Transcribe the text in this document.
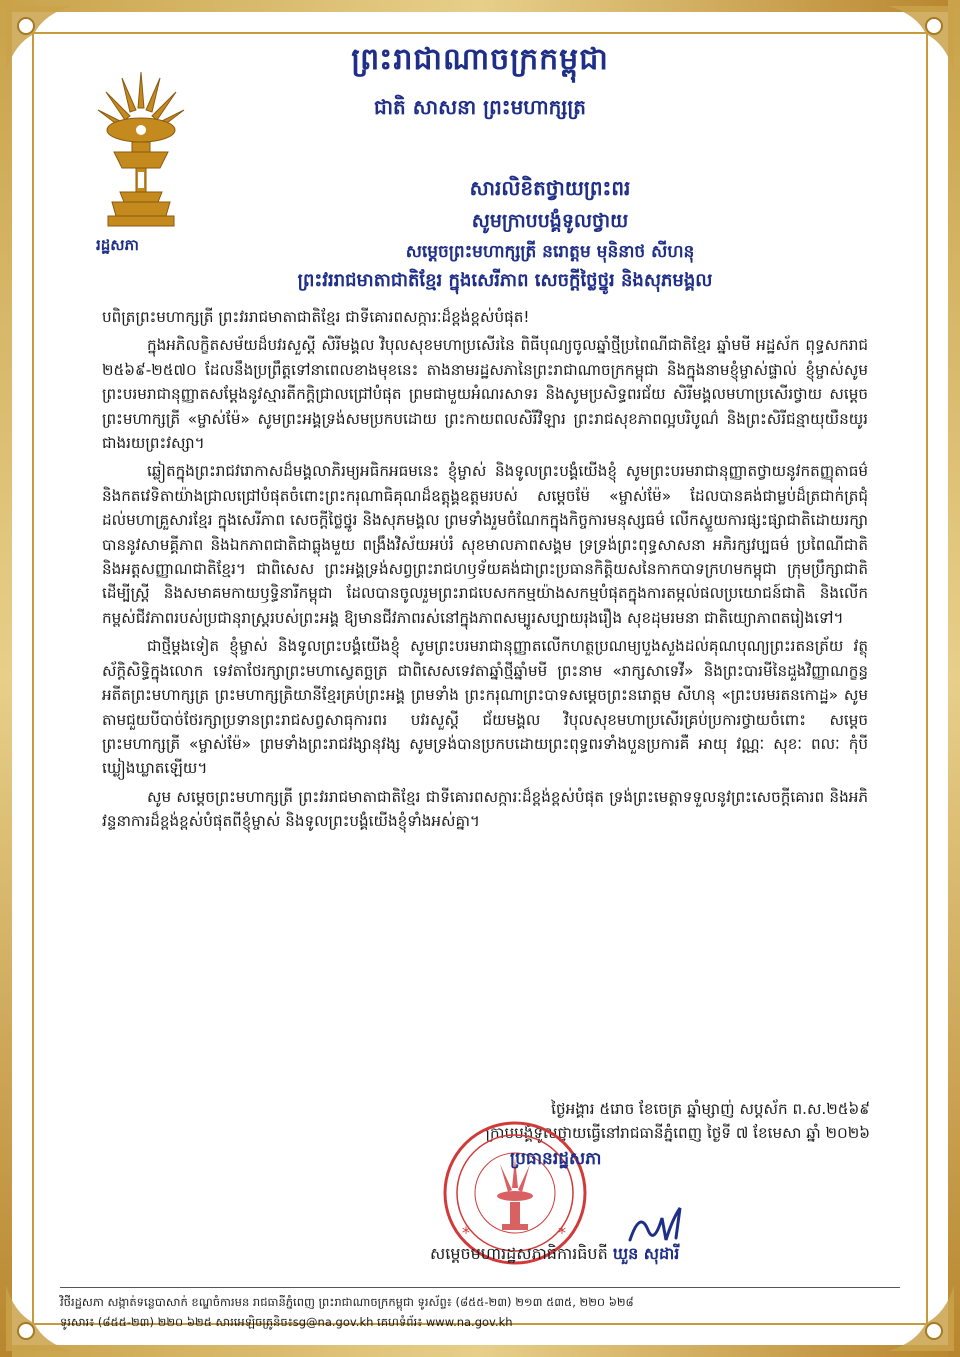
ព្រះរាជាណាចក្រកម្ពុជា
ជាតិ សាសនា ព្រះមហាក្សត្រ
រដ្ឋសភា
សារលិខិតថ្វាយព្រះពរ
សូមក្រាបបង្គំទូលថ្វាយ
សម្តេចព្រះមហាក្សត្រី នរោត្តម មុនិនាថ សីហនុ
ព្រះវររាជមាតាជាតិខ្មែរ ក្នុងសេរីភាព សេចក្តីថ្លៃថ្នូរ និងសុភមង្គល

បពិត្រព្រះមហាក្សត្រី ព្រះវររាជមាតាជាតិខ្មែរ ជាទីគោរពសក្ការៈដ៏ខ្ពង់ខ្ពស់បំផុត!

ក្នុងអភិលក្ខិតសម័យដ៏បវរសួស្តី សិរីមង្គល វិបុលសុខមហាប្រសើរនៃ ពិធីបុណ្យចូលឆ្នាំថ្មីប្រពៃណីជាតិខ្មែរ ឆ្នាំមមី អដ្ឋស័ក ពុទ្ធសករាជ ២៥៦៩-២៥៧០ ដែលនឹងប្រព្រឹត្តទៅនាពេលខាងមុខនេះ តាងនាមរដ្ឋសភានៃព្រះរាជាណាចក្រកម្ពុជា និងក្នុងនាមខ្ញុំម្ចាស់ផ្ទាល់ ខ្ញុំម្ចាស់សូមព្រះបរមរាជានុញ្ញាតសម្តែងនូវស្មារតីកក្តិជ្រាលជ្រៅបំផុត ព្រមជាមួយអំណរសាទរ និងសូមប្រសិទ្ធពរជ័យ សិរីមង្គលមហាប្រសើរថ្វាយ សម្តេចព្រះមហាក្សត្រី «ម្ចាស់ម៉ែ» សូមព្រះអង្គទ្រង់សមប្រកបដោយ ព្រះកាយពលសិរីវិឡារ ព្រះរាជសុខភាពល្អបរិបូណ៌ និងព្រះសិរីជន្មាយុយឺនយូរជាងរយព្រះវស្សា។

ឆ្លៀតក្នុងព្រះរាជវរោកាសដ៏មង្គលាភិរម្យអធិកអធមនេះ ខ្ញុំម្ចាស់ និងទូលព្រះបង្គំយើងខ្ញុំ សូមព្រះបរមរាជានុញ្ញាតថ្វាយនូវកតញ្ញុតាធម៌ និងកតវេទិតាយ៉ាងជ្រាលជ្រៅបំផុតចំពោះព្រះករុណាធិគុណដ៏ឧត្តុង្គឧត្តមរបស់ សម្តេចម៉ែ «ម្ចាស់ម៉ែ» ដែលបានគង់ជាម្លប់ដ៏ត្រជាក់ត្រជុំដល់មហាគ្រួសារខ្មែរ ក្នុងសេរីភាព សេចក្តីថ្លៃថ្នូរ និងសុភមង្គល ព្រមទាំងរួមចំណែកក្នុងកិច្ចការមនុស្សធម៌ លើកស្ទួយការផ្សះផ្សាជាតិដោយរក្សាបាននូវសាមគ្គីភាព និងឯកភាពជាតិជាធ្លុងមួយ ពង្រឹងវិស័យអប់រំ សុខមាលភាពសង្គម ទ្រទ្រង់ព្រះពុទ្ធសាសនា អភិរក្សវប្បធម៌ ប្រពៃណីជាតិ និងអត្តសញ្ញាណជាតិខ្មែរ។ ជាពិសេស ព្រះអង្គទ្រង់សព្វព្រះរាជហឫទ័យគង់ជាព្រះប្រធានកិត្តិយសនៃកាកបាទក្រហមកម្ពុជា ក្រុមប្រឹក្សាជាតិដើម្បីស្ត្រី និងសមាគមកាយឫទ្ធិនារីកម្ពុជា ដែលបានចូលរួមព្រះរាជបេសកកម្មយ៉ាងសកម្មបំផុតក្នុងការតម្កល់ផលប្រយោជន៍ជាតិ និងលើកកម្ពស់ជីវភាពរបស់ប្រជានុរាស្ត្ររបស់ព្រះអង្គ ឱ្យមានជីវភាពរស់នៅក្នុងភាពសម្បូរសប្បាយរុងរឿង សុខដុមរមនា ជាតិយ្យោភាពតរៀងទៅ។

ជាថ្មីម្តងទៀត ខ្ញុំម្ចាស់ និងទូលព្រះបង្គំយើងខ្ញុំ សូមព្រះបរមរាជានុញ្ញាតលើកហត្ថប្រណម្យបួងសួងដល់គុណបុណ្យព្រះរតនត្រ័យ វត្ថុស័ក្តិសិទ្ធិក្នុងលោក ទេវតាថែរក្សាព្រះមហាស្វេតច្ឆត្រ ជាពិសេសទេវតាឆ្នាំថ្មីឆ្នាំមមី ព្រះនាម «រាក្សសាទេវី» និងព្រះបារមីនៃដួងវិញ្ញាណក្ខន្ធអតីតព្រះមហាក្សត្រ ព្រះមហាក្សត្រិយានីខ្មែរគ្រប់ព្រះអង្គ ព្រមទាំង ព្រះករុណាព្រះបាទសម្តេចព្រះនរោត្តម សីហនុ «ព្រះបរមរតនកោដ្ឋ» សូមតាមជួយបីបាច់ថែរក្សាប្រទានព្រះរាជសព្វសាធុការពរ បវរសួស្តី ជ័យមង្គល វិបុលសុខមហាប្រសើរគ្រប់ប្រការថ្វាយចំពោះ សម្តេចព្រះមហាក្សត្រី «ម្ចាស់ម៉ែ» ព្រមទាំងព្រះរាជវង្សានុវង្ស សូមទ្រង់បានប្រកបដោយព្រះពុទ្ធពរទាំងបួនប្រការគឺ អាយុ វណ្ណៈ សុខៈ ពលៈ កុំបីឃ្លៀងឃ្លាតឡើយ។

សូម សម្តេចព្រះមហាក្សត្រី ព្រះវររាជមាតាជាតិខ្មែរ ជាទីគោរពសក្ការៈដ៏ខ្ពង់ខ្ពស់បំផុត ទ្រង់ព្រះមេត្តាទទួលនូវព្រះសេចក្តីគោរព និងអភិវន្ទនាការដ៏ខ្ពង់ខ្ពស់បំផុតពីខ្ញុំម្ចាស់ និងទូលព្រះបង្គំយើងខ្ញុំទាំងអស់គ្នា។

ថ្ងៃអង្គារ ៥រោច ខែចេត្រ ឆ្នាំម្សាញ់ សប្តស័ក ព.ស.២៥៦៩
ក្រាបបង្គំទូលថ្វាយធ្វើនៅរាជធានីភ្នំពេញ ថ្ងៃទី ៧ ខែមេសា ឆ្នាំ ២០២៦
*	*
ប្រធានរដ្ឋសភា
សម្តេចមហារដ្ឋសភាធិការធិបតី ឃួន សុដារី
វិថីរដ្ឋសភា សង្កាត់ទន្លេបាសាក់ ខណ្ឌចំការមន រាជធានីភ្នំពេញ ព្រះរាជាណាចក្រកម្ពុជា ទូរស័ព្ទ៖ (៨៥៥-២៣) ២១៣ ៥៣៥, ២២០ ៦២៨
ទូរសារ៖ (៨៥៥-២៣) ២២០ ៦២៥ សារអេឡិចត្រូនិច៖sg@na.gov.kh គេហទំព័រ៖ www.na.gov.kh
